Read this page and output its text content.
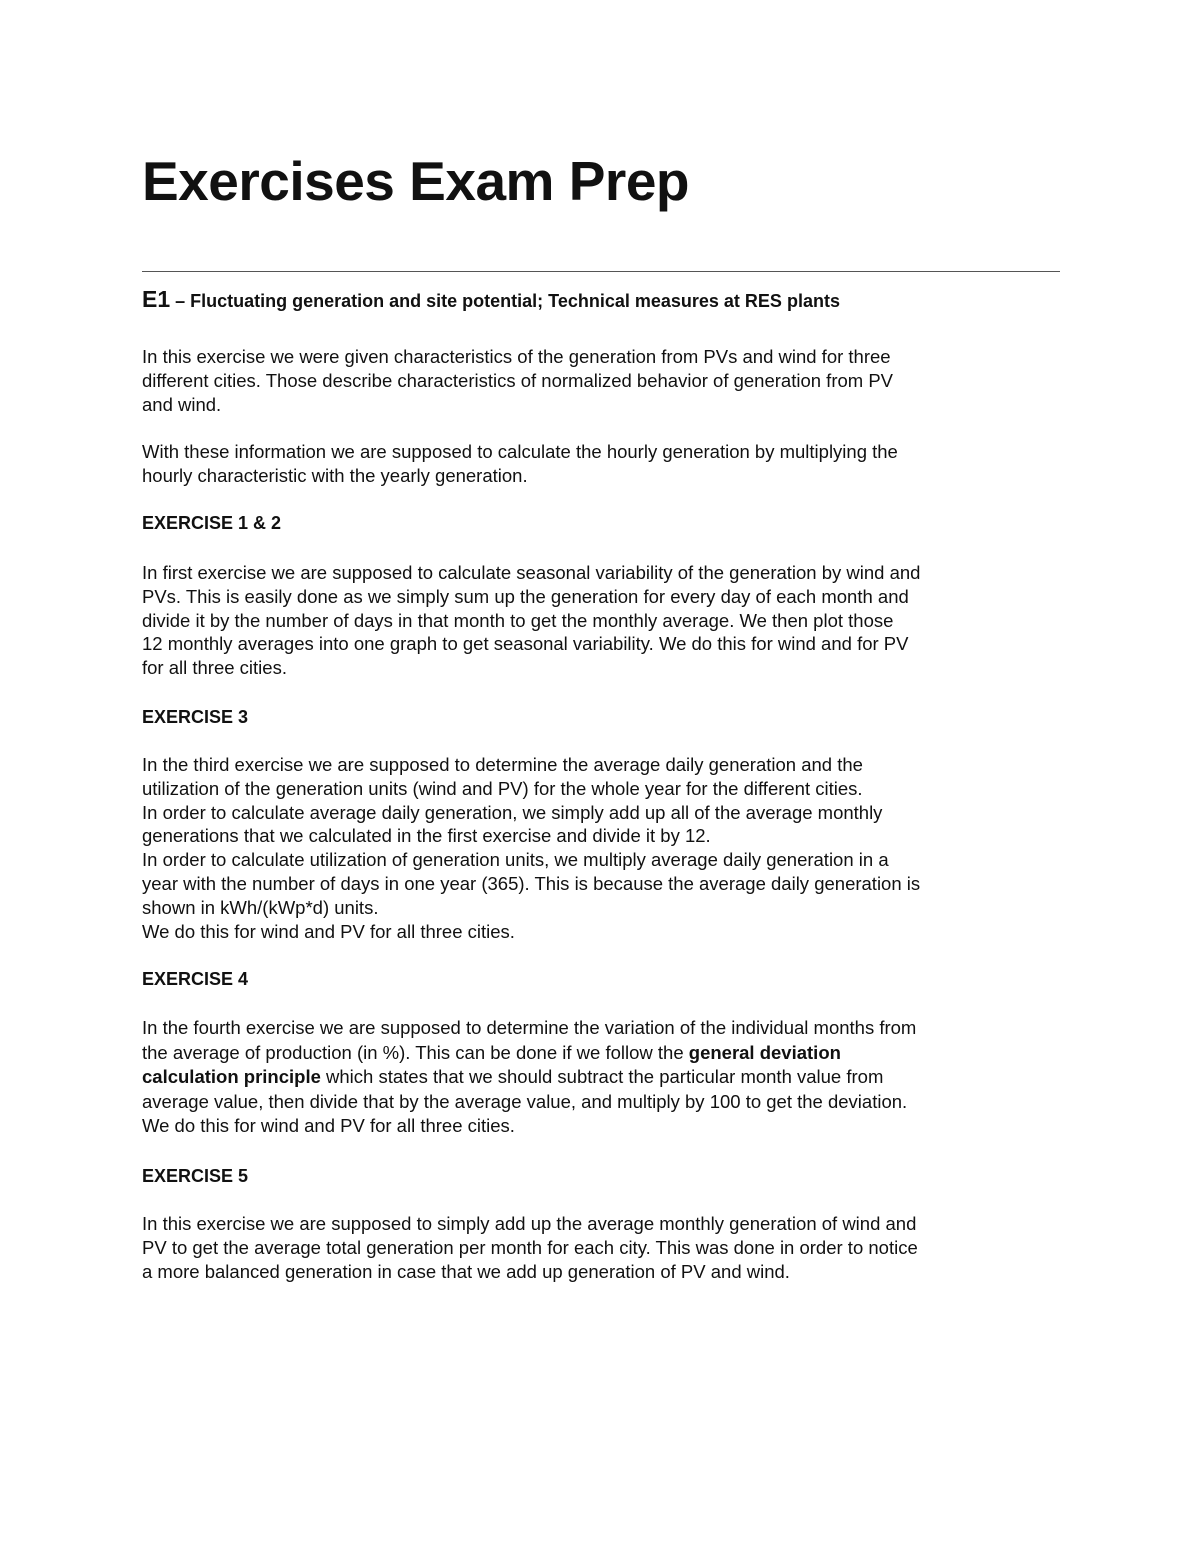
Exercises Exam Prep
E1 – Fluctuating generation and site potential; Technical measures at RES plants

In this exercise we were given characteristics of the generation from PVs and wind for three
different cities. Those describe characteristics of normalized behavior of generation from PV
and wind.

With these information we are supposed to calculate the hourly generation by multiplying the
hourly characteristic with the yearly generation.

EXERCISE 1 & 2

In first exercise we are supposed to calculate seasonal variability of the generation by wind and
PVs. This is easily done as we simply sum up the generation for every day of each month and
divide it by the number of days in that month to get the monthly average. We then plot those
12 monthly averages into one graph to get seasonal variability. We do this for wind and for PV
for all three cities.

EXERCISE 3

In the third exercise we are supposed to determine the average daily generation and the
utilization of the generation units (wind and PV) for the whole year for the different cities.
In order to calculate average daily generation, we simply add up all of the average monthly
generations that we calculated in the first exercise and divide it by 12.
In order to calculate utilization of generation units, we multiply average daily generation in a
year with the number of days in one year (365). This is because the average daily generation is
shown in kWh/(kWp*d) units.
We do this for wind and PV for all three cities.

EXERCISE 4

In the fourth exercise we are supposed to determine the variation of the individual months from
the average of production (in %). This can be done if we follow the general deviation
calculation principle which states that we should subtract the particular month value from
average value, then divide that by the average value, and multiply by 100 to get the deviation.
We do this for wind and PV for all three cities.

EXERCISE 5

In this exercise we are supposed to simply add up the average monthly generation of wind and
PV to get the average total generation per month for each city. This was done in order to notice
a more balanced generation in case that we add up generation of PV and wind.
